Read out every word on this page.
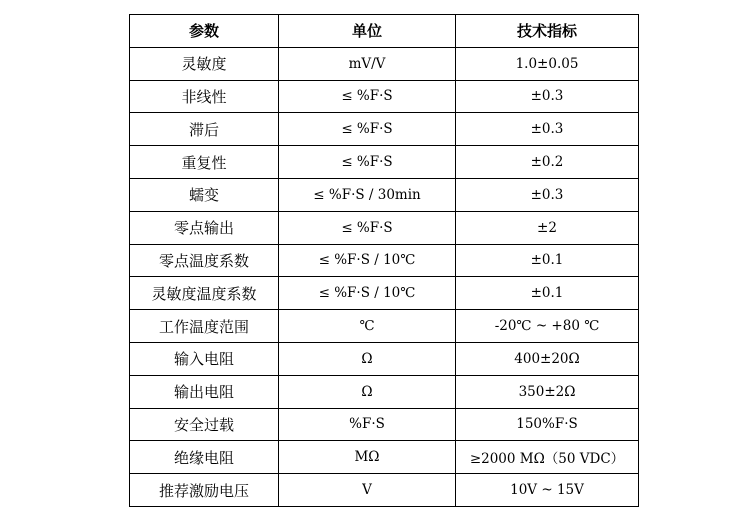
参数	单位	技术指标
灵敏度	mV/V	1.0±0.05
非线性	≤ %F·S	±0.3
滞后	≤ %F·S	±0.3
重复性	≤ %F·S	±0.2
蠕变	≤ %F·S / 30min	±0.3
零点输出	≤ %F·S	±2
零点温度系数	≤ %F·S / 10℃	±0.1
灵敏度温度系数	≤ %F·S / 10℃	±0.1
工作温度范围	℃	-20℃ ~ +80 ℃
输入电阻	Ω	400±20Ω
输出电阻	Ω	350±2Ω
安全过载	%F·S	150%F·S
绝缘电阻	MΩ	≥2000 MΩ（50 VDC）
推荐激励电压	V	10V ~ 15V
